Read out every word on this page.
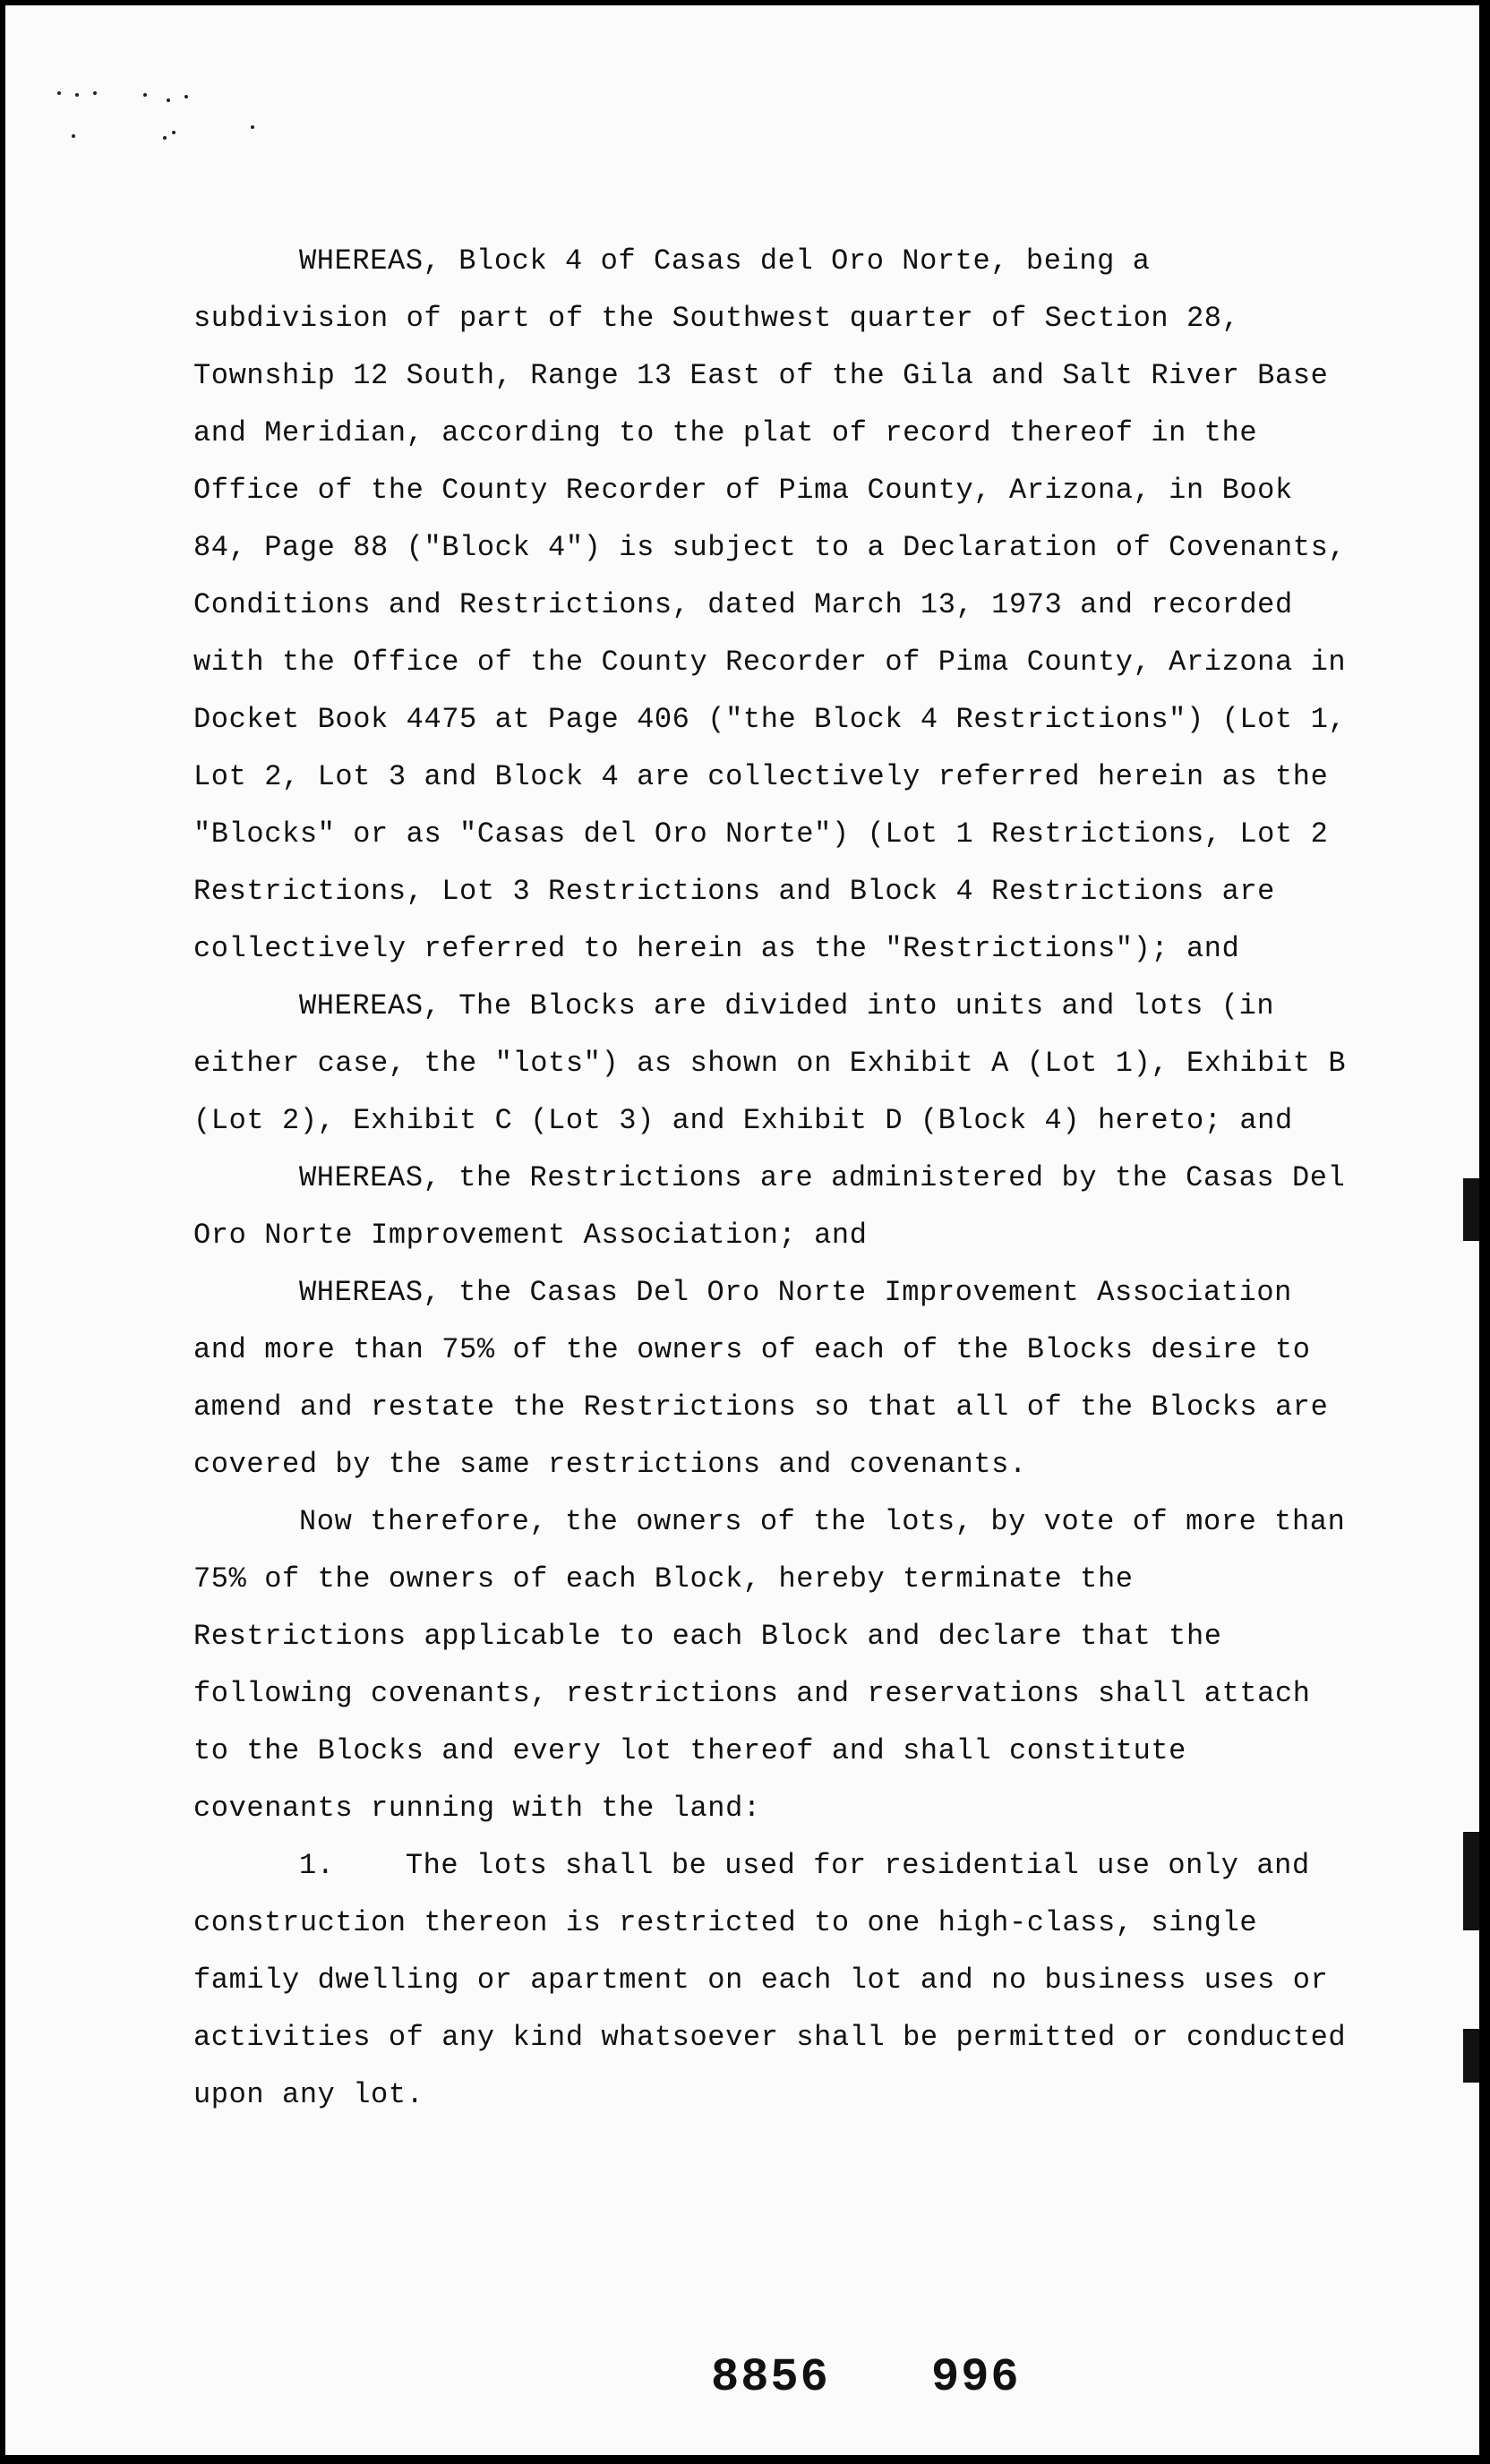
WHEREAS, Block 4 of Casas del Oro Norte, being a
subdivision of part of the Southwest quarter of Section 28,
Township 12 South, Range 13 East of the Gila and Salt River Base
and Meridian, according to the plat of record thereof in the
Office of the County Recorder of Pima County, Arizona, in Book
84, Page 88 ("Block 4") is subject to a Declaration of Covenants,
Conditions and Restrictions, dated March 13, 1973 and recorded
with the Office of the County Recorder of Pima County, Arizona in
Docket Book 4475 at Page 406 ("the Block 4 Restrictions") (Lot 1,
Lot 2, Lot 3 and Block 4 are collectively referred herein as the
"Blocks" or as "Casas del Oro Norte") (Lot 1 Restrictions, Lot 2
Restrictions, Lot 3 Restrictions and Block 4 Restrictions are
collectively referred to herein as the "Restrictions"); and
WHEREAS, The Blocks are divided into units and lots (in
either case, the "lots") as shown on Exhibit A (Lot 1), Exhibit B
(Lot 2), Exhibit C (Lot 3) and Exhibit D (Block 4) hereto; and
WHEREAS, the Restrictions are administered by the Casas Del
Oro Norte Improvement Association; and
WHEREAS, the Casas Del Oro Norte Improvement Association
and more than 75% of the owners of each of the Blocks desire to
amend and restate the Restrictions so that all of the Blocks are
covered by the same restrictions and covenants.
Now therefore, the owners of the lots, by vote of more than
75% of the owners of each Block, hereby terminate the
Restrictions applicable to each Block and declare that the
following covenants, restrictions and reservations shall attach
to the Blocks and every lot thereof and shall constitute
covenants running with the land:
1.    The lots shall be used for residential use only and
construction thereon is restricted to one high-class, single
family dwelling or apartment on each lot and no business uses or
activities of any kind whatsoever shall be permitted or conducted
upon any lot.
8856 996
